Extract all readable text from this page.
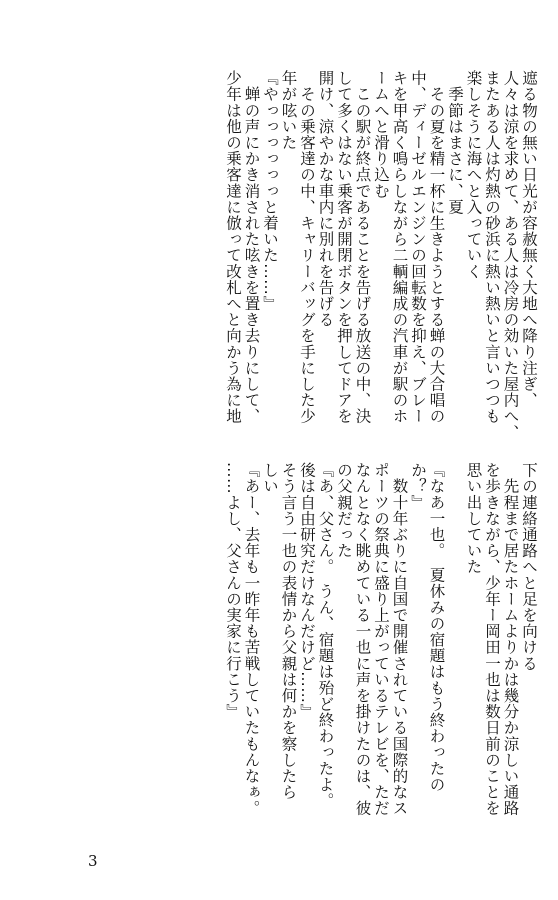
遮る物の無い日光が容赦無く大地へ降り注ぎ、
人々は涼を求めて、ある人は冷房の効いた屋内へ、
またある人は灼熱の砂浜に熱い熱いと言いつつも
楽しそうに海へと入っていく
　季節はまさに、夏
　その夏を精一杯に生きようとする蝉の大合唱の
中、ディーゼルエンジンの回転数を抑え、ブレー
キを甲高く鳴らしながら二輌編成の汽車が駅のホ
ームへと滑り込む
　この駅が終点であることを告げる放送の中、決
して多くはない乗客が開閉ボタンを押してドアを
開け、涼やかな車内に別れを告げる
　その乗客達の中、キャリーバッグを手にした少
年が呟いた
『やっっっっっっと着いた……』
　蝉の声にかき消された呟きを置き去りにして、
少年は他の乗客達に倣って改札へと向かう為に地
下の連絡通路へと足を向ける
　先程まで居たホームよりかは幾分か涼しい通路
を歩きながら、少年ー岡田一也は数日前のことを
思い出していた

『なあ一也。　夏休みの宿題はもう終わったの
か？』
　数十年ぶりに自国で開催されている国際的なス
ポーツの祭典に盛り上がっているテレビを、ただ
なんとなく眺めている一也に声を掛けたのは、彼
の父親だった
『あ、父さん。　うん、宿題は殆ど終わったよ。
後は自由研究だけなんだけど……』
そう言う一也の表情から父親は何かを察したら
しい
『あー、去年も一昨年も苦戦していたもんなぁ。
……よし、父さんの実家に行こう』
3
